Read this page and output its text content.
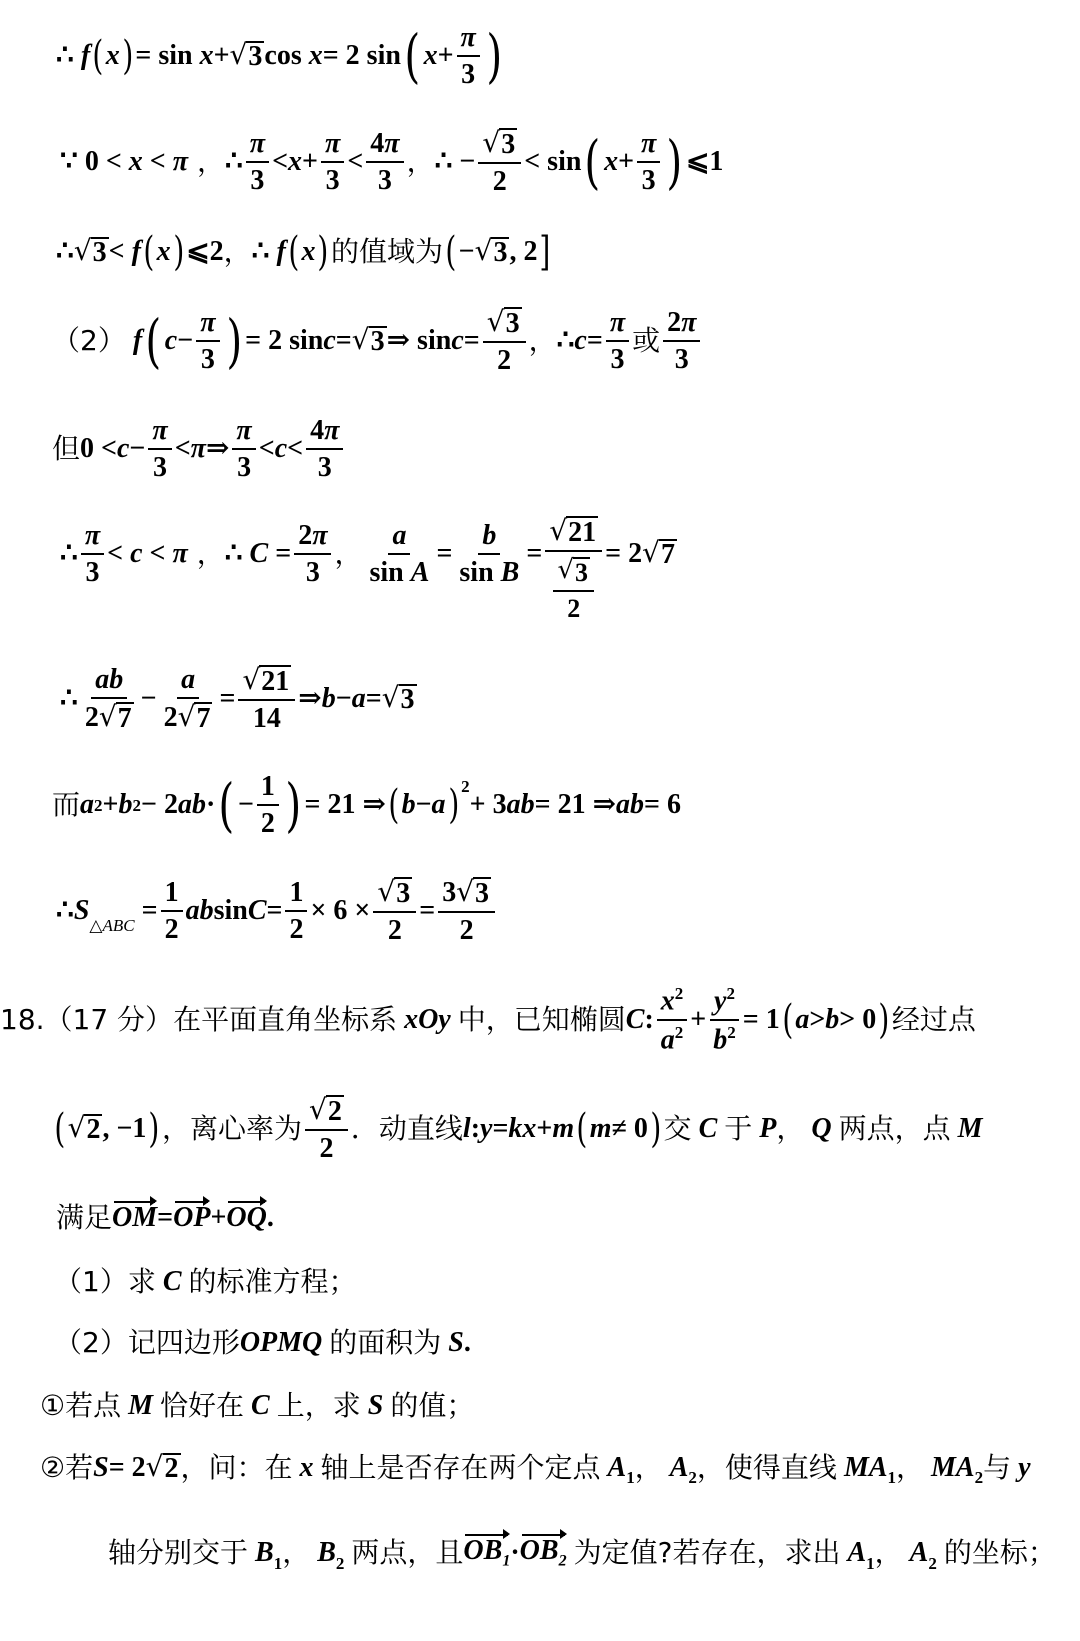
∴ f ( x ) = sin x + √ 3 cos x = 2 sin ( $x + \frac{\pi}{3}$ )
∵ 0 < x < π ， ∴ $\frac{\pi}{3} < x + \frac{\pi}{3} < \frac{4\pi}{3}$ ， ∴ − $\frac{√ 3}{2} < \sin$ ( $x + \frac{\pi}{3}$ ) ⩽1
∴ √ 3 < f ( x ) ⩽2 ， ∴ f ( x ) 的值域为 ( − √ 3 , 2 ]
（2）
f ( $c - \frac{\pi}{3}$ ) = 2 sin c = √ 3 ⇒ $\sin c = \frac{√ 3}{2}$ ， ∴ $c = \frac{\pi}{3}$ 或 $\frac{2\pi}{3}$
但 $0 < c - \frac{\pi}{3} < \pi$ ⇒ $\frac{\pi}{3} < c < \frac{4\pi}{3}$
∴ $\frac{\pi}{3} < c < \pi$ ， ∴ $C = \frac{2\pi}{3}$ ， $\frac{a}{\text{sin A}} = \frac{b}{\text{sin B}} = \frac{√ 21}{\frac{√ 3}{2}} = 2$ √ 7
∴ $\frac{ab}{2 √ 7} - \frac{a}{2 √ 7} = \frac{√ 21}{14}$ ⇒ b − a = √ 3
而 a 2 + b 2 − 2 ab · ( − $\frac{1}{2}$ ) = 21 ⇒ ( b − a )$^2$
+ 3 ab = 21 ⇒ ab = 6
∴ $S_{\triangle ABC} = \frac{1}{2}$ ab $\sin C = \frac{1}{2} \times 6 \times \frac{√ 3}{2} = \frac{3 √ 3}{2}$
18. （17 分） 在平面直角坐标系
xOy
中，已知椭圆 C : $\frac{x^2}{a^2} + \frac{y^2}{b^2} = 1$ ( a > b > 0 ) 经过点
( √ 2 , −1 ) ，离心率为 $\frac{√ 2}{2}$ ．动直线 l : y = kx + m ( m ≠ 0 ) 交
C
于
P ，
Q
两点，点
M
满足 OM = OP + OQ .
（1）求
C
的标准方程；
（2）记四边形 OPMQ
的面积为
S .
①若点
M
恰好在
C
上，求
S
的值；
②若 S = 2 √ 2 ，问：在
x
轴上是否存在两个定点
$A_1$ ，
$A_2$ ，使得直线
$MA_1$ ，
$MA_2$ 与
y
轴分别交于
$B_1$ ，
$B_2$
两点，且 $OB_1 \cdot OB_2$
为定值?若存在，求出
$A_1$ ，
$A_2$
的坐标；
